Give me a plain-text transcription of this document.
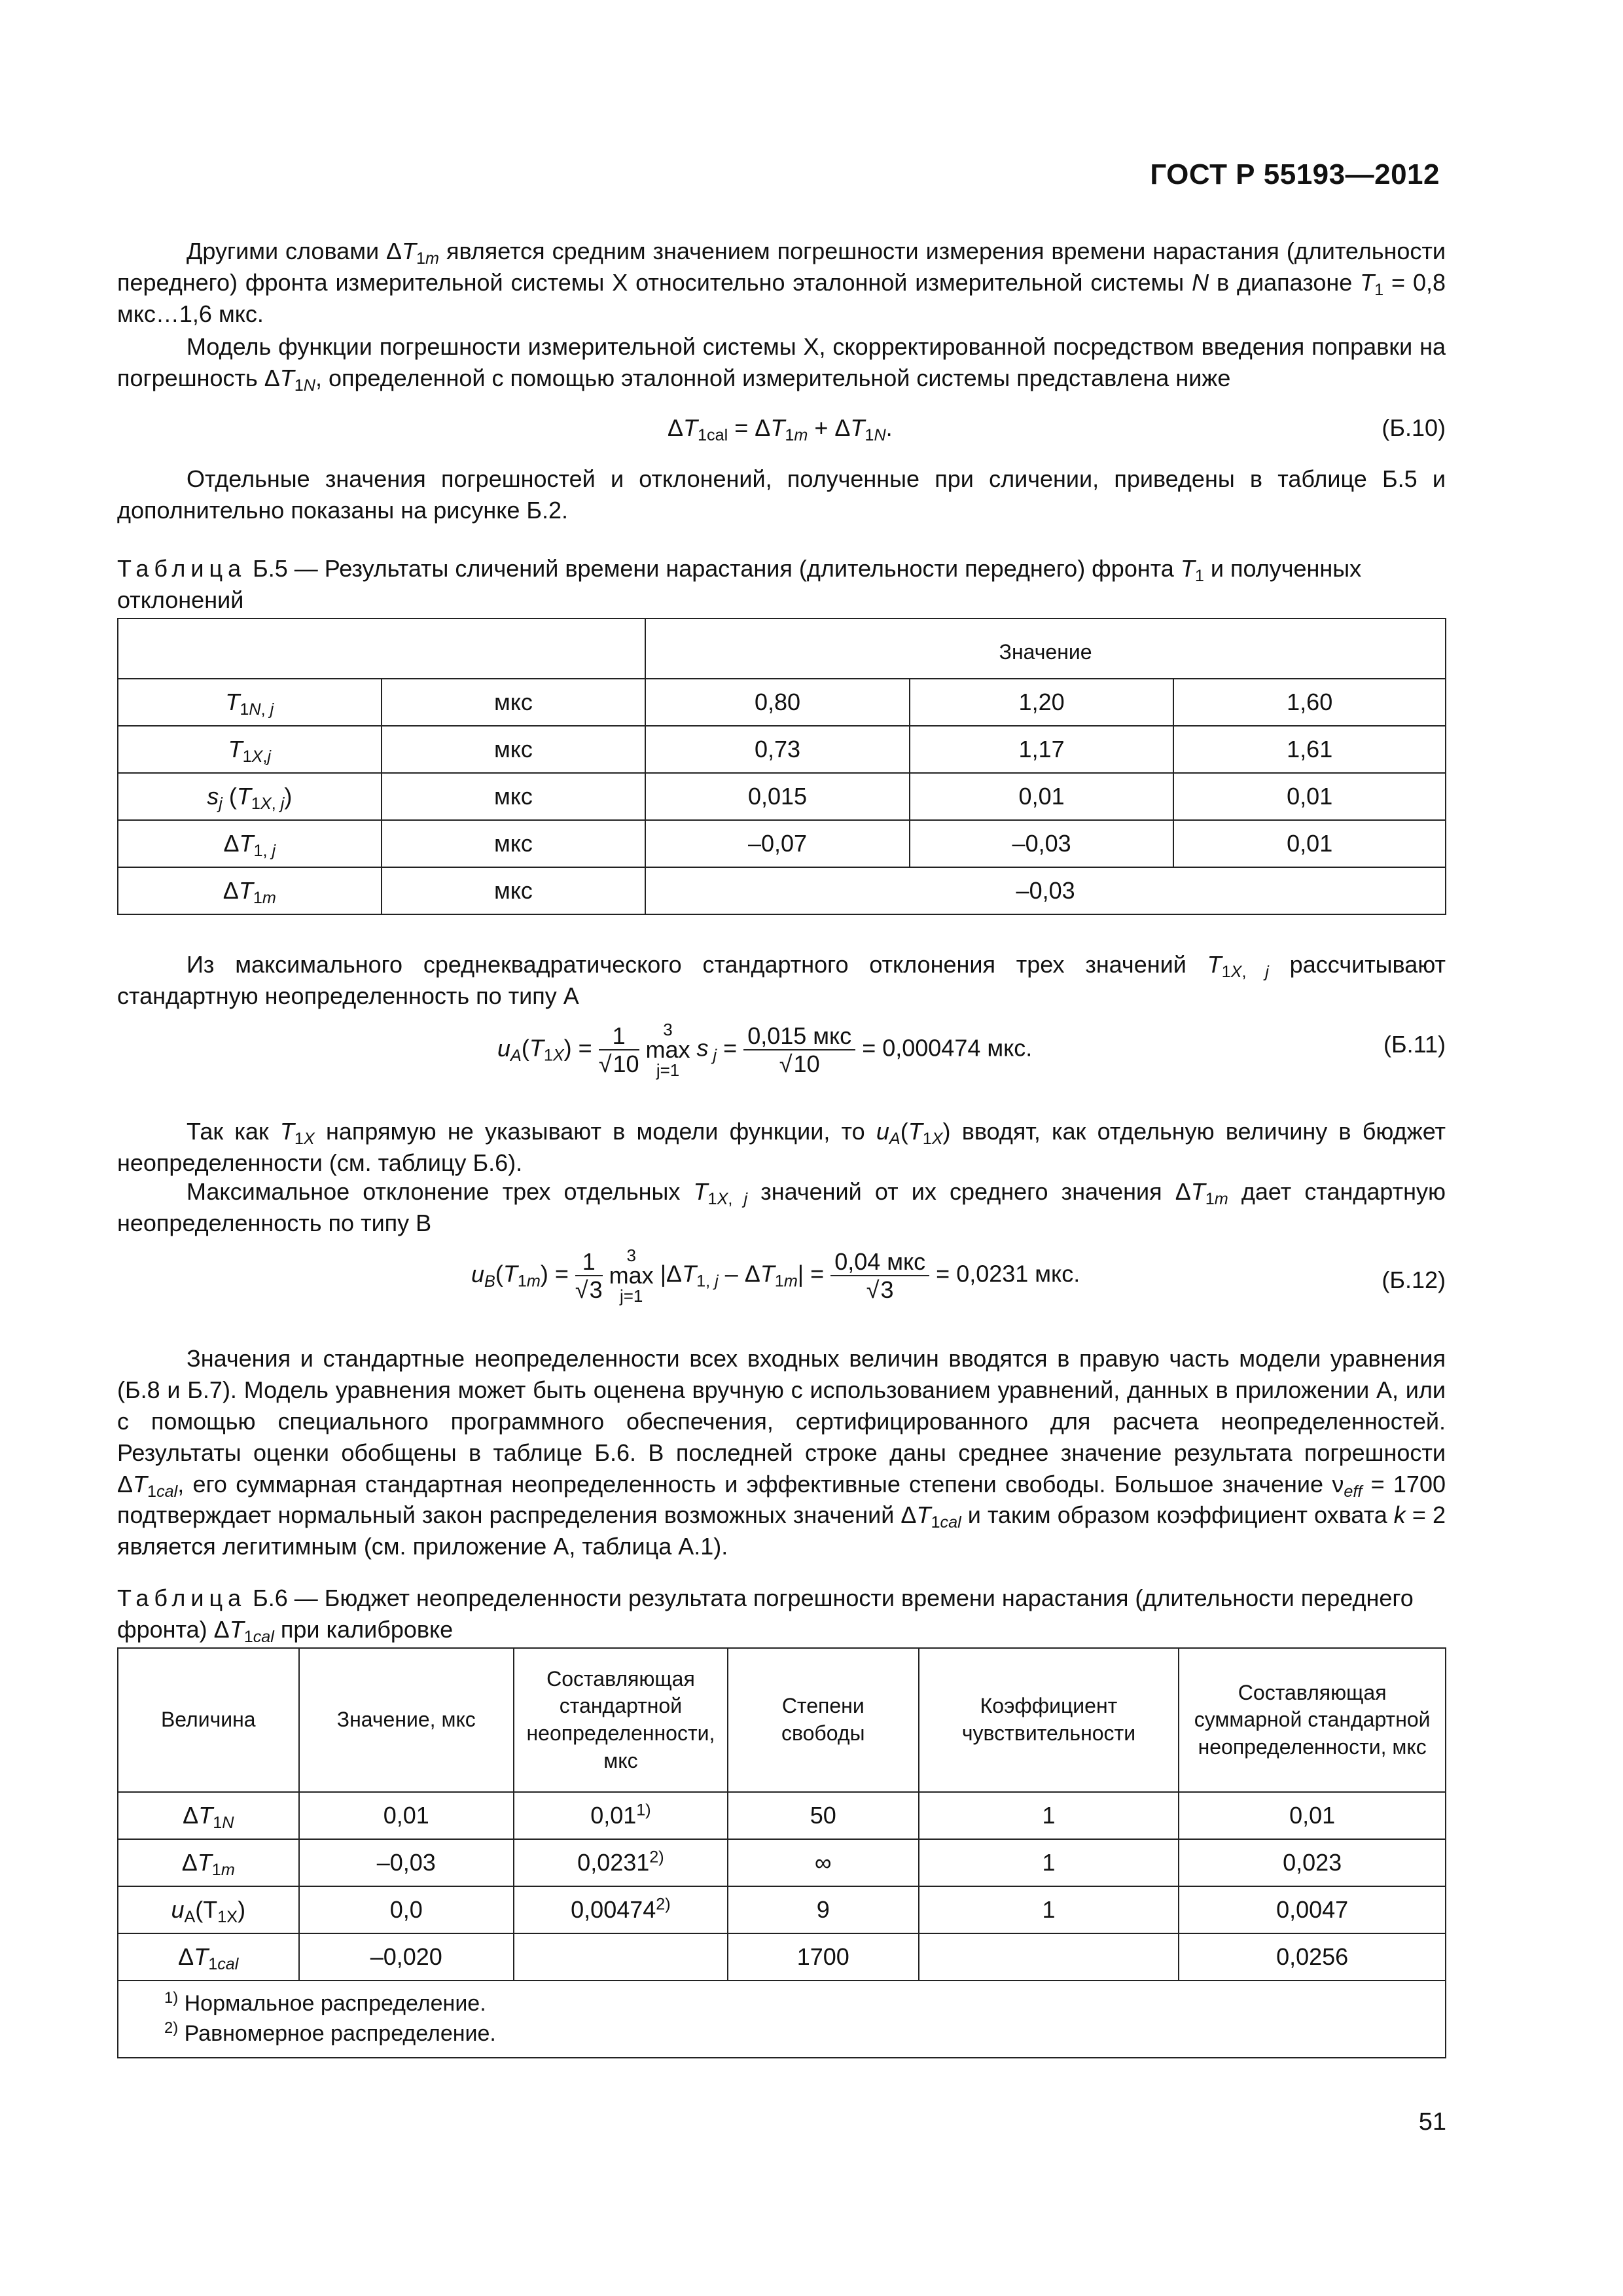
ГОСТ Р 55193—2012
Другими словами $\Delta T_{1m}$ является средним значением погрешности измерения времени нарастания (длительности переднего) фронта измерительной системы X относительно эталонной измерительной системы N в диапазоне $T_1 = 0,8$ мкс…1,6 мкс.
Модель функции погрешности измерительной системы X, скорректированной посредством введения поправки на погрешность $\Delta T_{1N}$, определенной с помощью эталонной измерительной системы представлена ниже
$\Delta T_{1cal} = \Delta T_{1m} + \Delta T_{1N}$.	(Б.10)
Отдельные значения погрешностей и отклонений, полученные при сличении, приведены в таблице Б.5 и дополнительно показаны на рисунке Б.2.
Таблица Б.5 — Результаты сличений времени нарастания (длительности переднего) фронта $T_1$ и полученных отклонений
		Значение		
$T_{1N, j}$	мкс	0,80	1,20	1,60
$T_{1X,j}$	мкс	0,73	1,17	1,61
$s_j$ $(T_{1X, j})$	мкс	0,015	0,01	0,01
$\Delta T_{1, j}$	мкс	–0,07	–0,03	0,01
$\Delta T_{1m}$	мкс	–0,03		
Из максимального среднеквадратического стандартного отклонения трех значений $T_{1X, j}$ рассчитывают стандартную неопределенность по типу А
$u_A(T_{1X}) = \frac{1}{√10}$
	3
max
j=1
s $_j = \frac{\text{0,015 мкс}}{√10} = 0,000474$ мкс.	(Б.11)
Так как $T_{1X}$ напрямую не указывают в модели функции, то $u_A(T_{1X})$ вводят, как отдельную величину в бюджет неопределенности (см. таблицу Б.6).
Максимальное отклонение трех отдельных $T_{1X, j}$ значений от их среднего значения $\Delta T_{1m}$ дает стандартную неопределенность по типу В
$u_B(T_{1m}) = \frac{1}{√3}$
	3
max
j=1
$|\Delta T_{1, j} - \Delta T_{1m}| = \frac{\text{0,04 мкс}}{√3} = 0,0231$ мкс.	(Б.12)
Значения и стандартные неопределенности всех входных величин вводятся в правую часть модели уравнения (Б.8 и Б.7). Модель уравнения может быть оценена вручную с использованием уравнений, данных в приложении А, или с помощью специального программного обеспечения, сертифицированного для расчета неопределенностей. Результаты оценки обобщены в таблице Б.6. В последней строке даны среднее значение результата погрешности $\Delta T_{1cal}$, его суммарная стандартная неопределенность и эффективные степени свободы. Большое значение $\nu_{eff} = 1700$ подтверждает нормальный закон распределения возможных значений $\Delta T_{1cal}$ и таким образом коэффициент охвата k = 2 является легитимным (см. приложение А, таблица А.1).
Таблица Б.6 — Бюджет неопределенности результата погрешности времени нарастания (длительности переднего фронта) $\Delta T_{1cal}$ при калибровке
Величина	Значение, мкс	Составляющая стандартной неопределенности, мкс	Степени свободы	Коэффициент чувствительности	Составляющая суммарной стандартной неопределенности, мкс
$\Delta T_{1N}$	0,01	0,01$^{1)}$	50	1	0,01
$\Delta T_{1m}$	–0,03	0,0231$^{2)}$	∞	1	0,023
$u_A(T_{1X})$	0,0	0,00474$^{2)}$	9	1	0,0047
$\Delta T_{1cal}$	–0,020		1700		0,0256

$^{1)}$ Нормальное распределение.
$^{2)}$ Равномерное распределение.					
51
